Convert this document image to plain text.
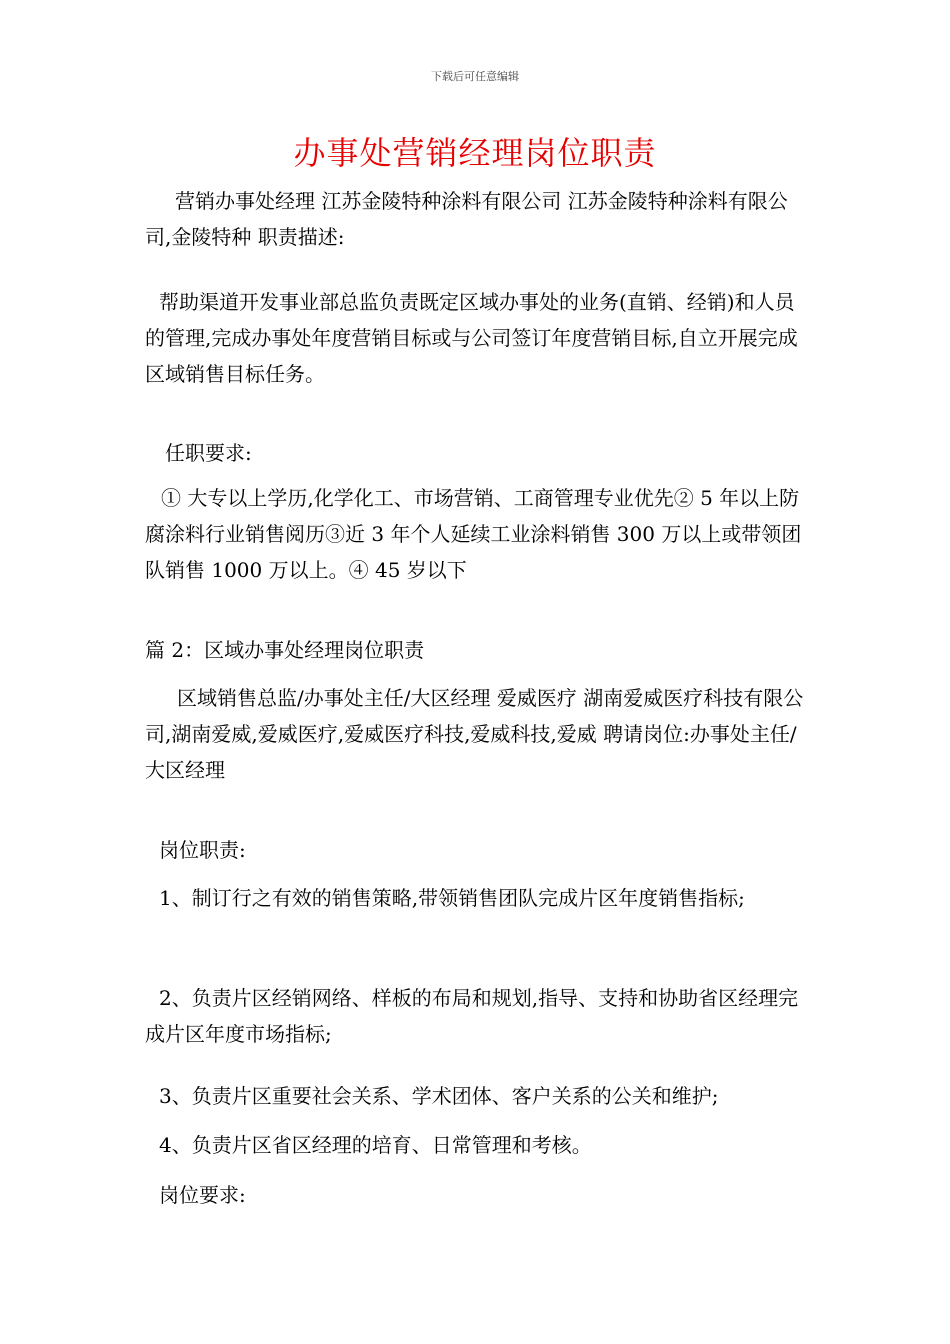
下载后可任意编辑
办事处营销经理岗位职责

营销办事处经理 江苏金陵特种涂料有限公司 江苏金陵特种涂料有限公司,金陵特种 职责描述:

帮助渠道开发事业部总监负责既定区域办事处的业务(直销、经销)和人员的管理,完成办事处年度营销目标或与公司签订年度营销目标,自立开展完成区域销售目标任务。

任职要求:

① 大专以上学历,化学化工、市场营销、工商管理专业优先② 5 年以上防腐涂料行业销售阅历③近 3 年个人延续工业涂料销售 300 万以上或带领团队销售 1000 万以上。④ 45 岁以下

篇 2：区域办事处经理岗位职责

区域销售总监/办事处主任/大区经理 爱威医疗 湖南爱威医疗科技有限公司,湖南爱威,爱威医疗,爱威医疗科技,爱威科技,爱威 聘请岗位:办事处主任/大区经理

岗位职责:

1、制订行之有效的销售策略,带领销售团队完成片区年度销售指标;

2、负责片区经销网络、样板的布局和规划,指导、支持和协助省区经理完成片区年度市场指标;

3、负责片区重要社会关系、学术团体、客户关系的公关和维护;

4、负责片区省区经理的培育、日常管理和考核。

岗位要求:
